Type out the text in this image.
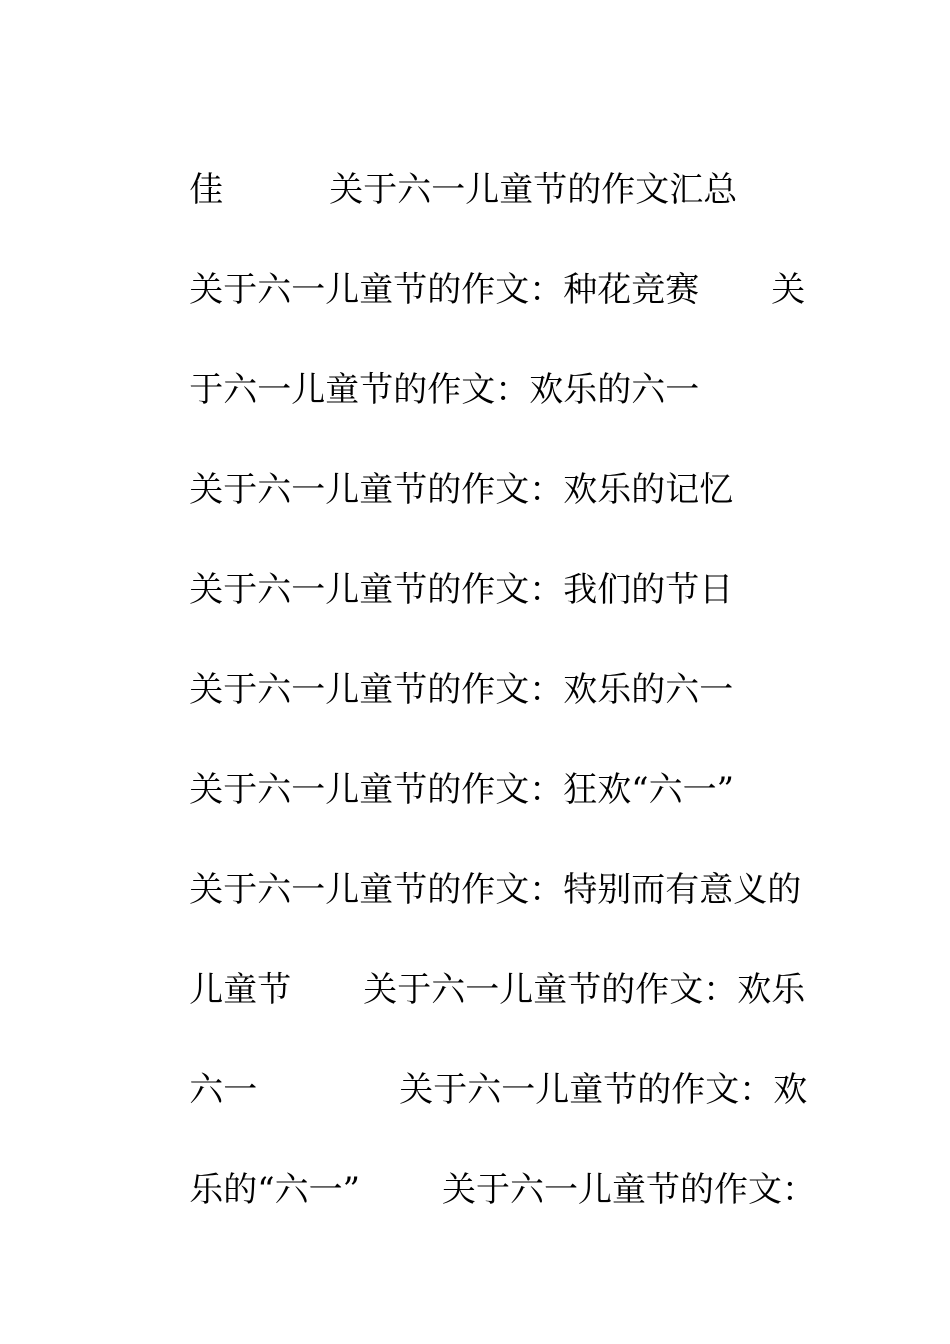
佳	关于六一儿童节的作文汇总

关于六一儿童节的作文：种花竞赛 关

于六一儿童节的作文：欢乐的六一

关于六一儿童节的作文：欢乐的记忆

关于六一儿童节的作文：我们的节日

关于六一儿童节的作文：欢乐的六一

关于六一儿童节的作文：狂欢“六一”

关于六一儿童节的作文：特别而有意义的

儿童节 关于六一儿童节的作文：欢乐

六一	关于六一儿童节的作文：欢

乐的“六一” 关于六一儿童节的作文：
